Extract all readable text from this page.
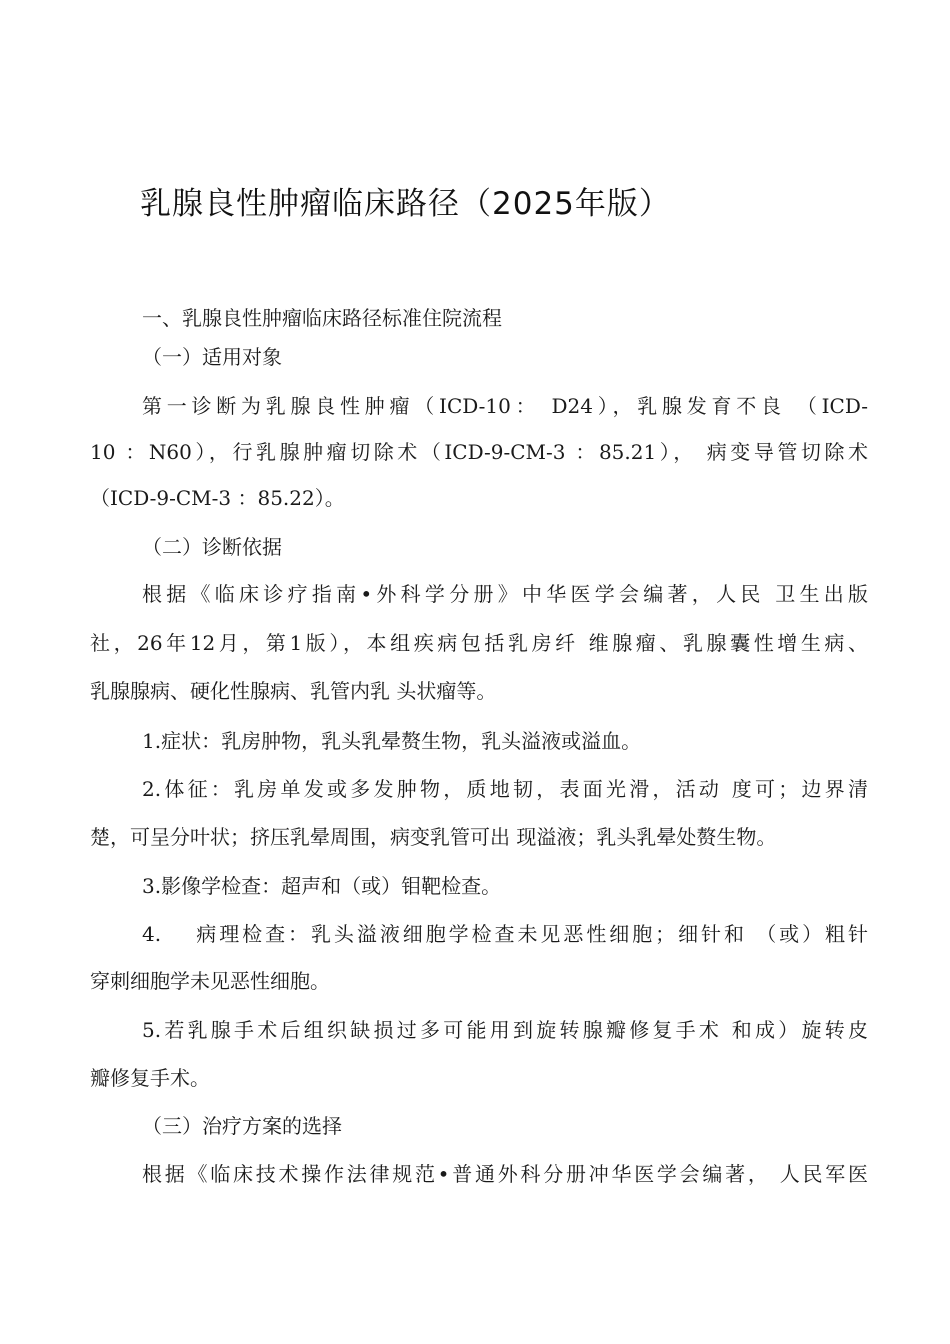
乳腺良性肿瘤临床路径（2025年版）
一、乳腺良性肿瘤临床路径标准住院流程
（一）适用对象
第一诊断为乳腺良性肿瘤（ICD-10： D24），乳腺发育不良 （ICD-
10 ：N60），行乳腺肿瘤切除术（ICD-9-CM-3 ：85.21）， 病变导管切除术
（ICD-9-CM-3 ：85.22）。
（二）诊断依据
根据《临床诊疗指南•外科学分册》中华医学会编著，人民 卫生出版
社，26年12月，第1版），本组疾病包括乳房纤 维腺瘤、乳腺囊性增生病、
乳腺腺病、硬化性腺病、乳管内乳 头状瘤等。
1.症状：乳房肿物，乳头乳晕赘生物，乳头溢液或溢血。
2.体征：乳房单发或多发肿物，质地韧，表面光滑，活动 度可；边界清
楚，可呈分叶状；挤压乳晕周围，病变乳管可出 现溢液；乳头乳晕处赘生物。
3.影像学检查：超声和（或）钼靶检查。
4.　 病理检查：乳头溢液细胞学检查未见恶性细胞；细针和 （或）粗针
穿刺细胞学未见恶性细胞。
5.若乳腺手术后组织缺损过多可能用到旋转腺瓣修复手术 和成）旋转皮
瓣修复手术。
（三）治疗方案的选择
根据《临床技术操作法律规范•普通外科分册冲华医学会编著， 人民军医
